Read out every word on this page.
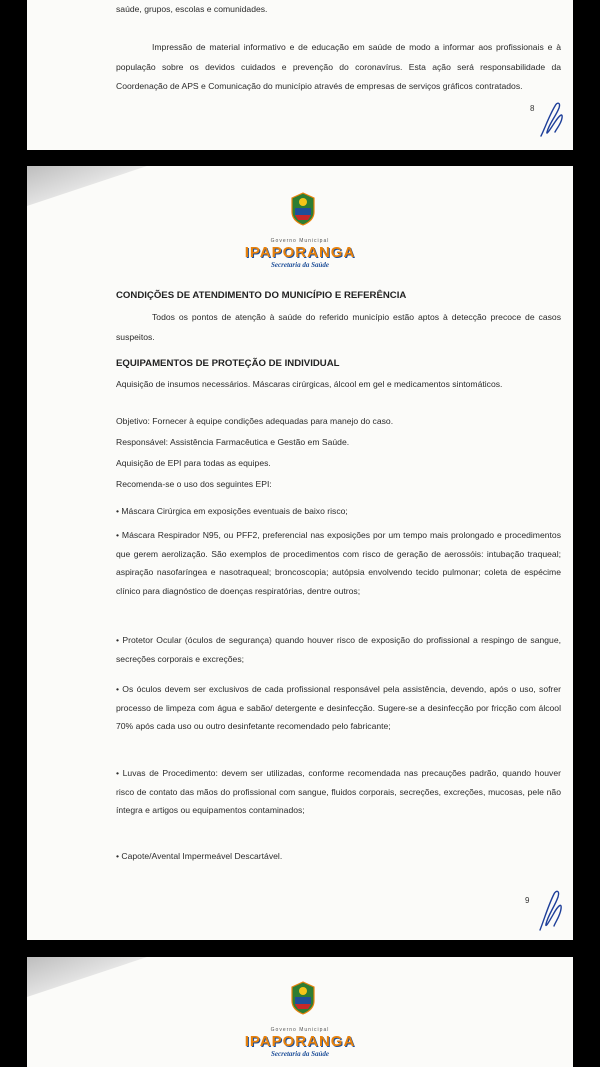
saúde, grupos, escolas e comunidades.

Impressão de material informativo e de educação em saúde de modo a informar aos profissionais e à população sobre os devidos cuidados e prevenção do coronavírus. Esta ação será responsabilidade da Coordenação de APS e Comunicação do município através de empresas de serviços gráficos contratados.

8
Governo Municipal
IPAPORANGA
Secretaria da Saúde

CONDIÇÕES DE ATENDIMENTO DO MUNICÍPIO E REFERÊNCIA

Todos os pontos de atenção à saúde do referido município estão aptos à detecção precoce de casos suspeitos.

EQUIPAMENTOS DE PROTEÇÃO DE INDIVIDUAL

Aquisição de insumos necessários. Máscaras cirúrgicas, álcool em gel e medicamentos sintomáticos.

Objetivo: Fornecer à equipe condições adequadas para manejo do caso.

Responsável: Assistência Farmacêutica e Gestão em Saúde.

Aquisição de EPI para todas as equipes.

Recomenda-se o uso dos seguintes EPI:

• Máscara Cirúrgica em exposições eventuais de baixo risco;

• Máscara Respirador N95, ou PFF2, preferencial nas exposições por um tempo mais prolongado e procedimentos que gerem aerolização. São exemplos de procedimentos com risco de geração de aerossóis: intubação traqueal; aspiração nasofaríngea e nasotraqueal; broncoscopia; autópsia envolvendo tecido pulmonar; coleta de espécime clínico para diagnóstico de doenças respiratórias, dentre outros;

• Protetor Ocular (óculos de segurança) quando houver risco de exposição do profissional a respingo de sangue, secreções corporais e excreções;

• Os óculos devem ser exclusivos de cada profissional responsável pela assistência, devendo, após o uso, sofrer processo de limpeza com água e sabão/ detergente e desinfecção. Sugere-se a desinfecção por fricção com álcool 70% após cada uso ou outro desinfetante recomendado pelo fabricante;

• Luvas de Procedimento: devem ser utilizadas, conforme recomendada nas precauções padrão, quando houver risco de contato das mãos do profissional com sangue, fluidos corporais, secreções, excreções, mucosas, pele não íntegra e artigos ou equipamentos contaminados;

• Capote/Avental Impermeável Descartável.

9
Governo Municipal
IPAPORANGA
Secretaria da Saúde
